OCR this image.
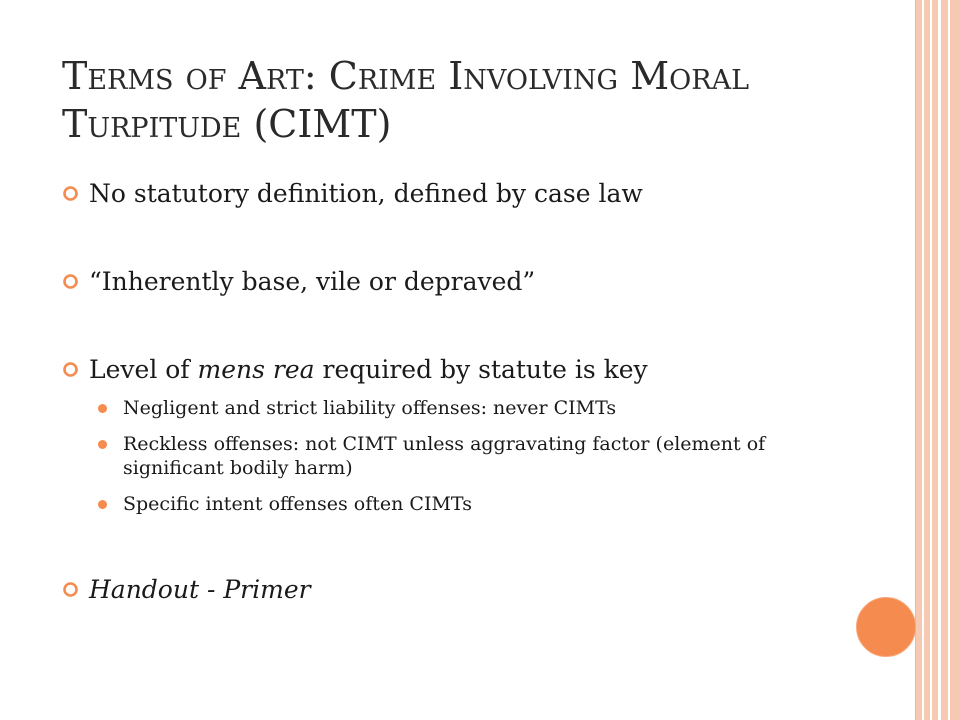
Terms of Art: Crime Involving Moral
Turpitude (CIMT)
No statutory definition, defined by case law
“Inherently base, vile or depraved”
Level of mens rea required by statute is key
Negligent and strict liability offenses: never CIMTs
Reckless offenses: not CIMT unless aggravating factor (element of significant bodily harm)
Specific intent offenses often CIMTs
Handout - Primer
